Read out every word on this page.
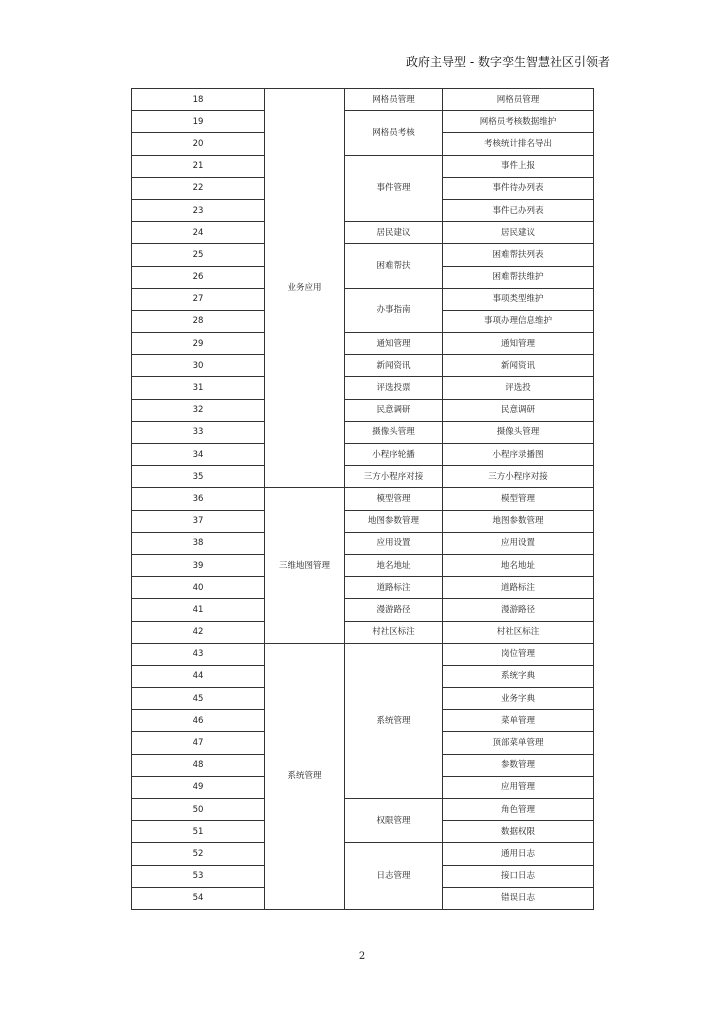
政府主导型 - 数字孪生智慧社区引领者
18	业务应用	网格员管理	网格员管理
19		网格员考核	网格员考核数据维护
20			考核统计排名导出
21		事件管理	事件上报
22			事件待办列表
23			事件已办列表
24		居民建议	居民建议
25		困难帮扶	困难帮扶列表
26			困难帮扶维护
27		办事指南	事项类型维护
28			事项办理信息维护
29		通知管理	通知管理
30		新闻资讯	新闻资讯
31		评选投票	评选投
32		民意调研	民意调研
33		摄像头管理	摄像头管理
34		小程序轮播	小程序录播图
35		三方小程序对接	三方小程序对接
36	三维地图管理	模型管理	模型管理
37		地图参数管理	地图参数管理
38		应用设置	应用设置
39		地名地址	地名地址
40		道路标注	道路标注
41		漫游路径	漫游路径
42		村社区标注	村社区标注
43	系统管理	系统管理	岗位管理
44			系统字典
45			业务字典
46			菜单管理
47			顶部菜单管理
48			参数管理
49			应用管理
50		权限管理	角色管理
51			数据权限
52		日志管理	通用日志
53			接口日志
54			错误日志
2
